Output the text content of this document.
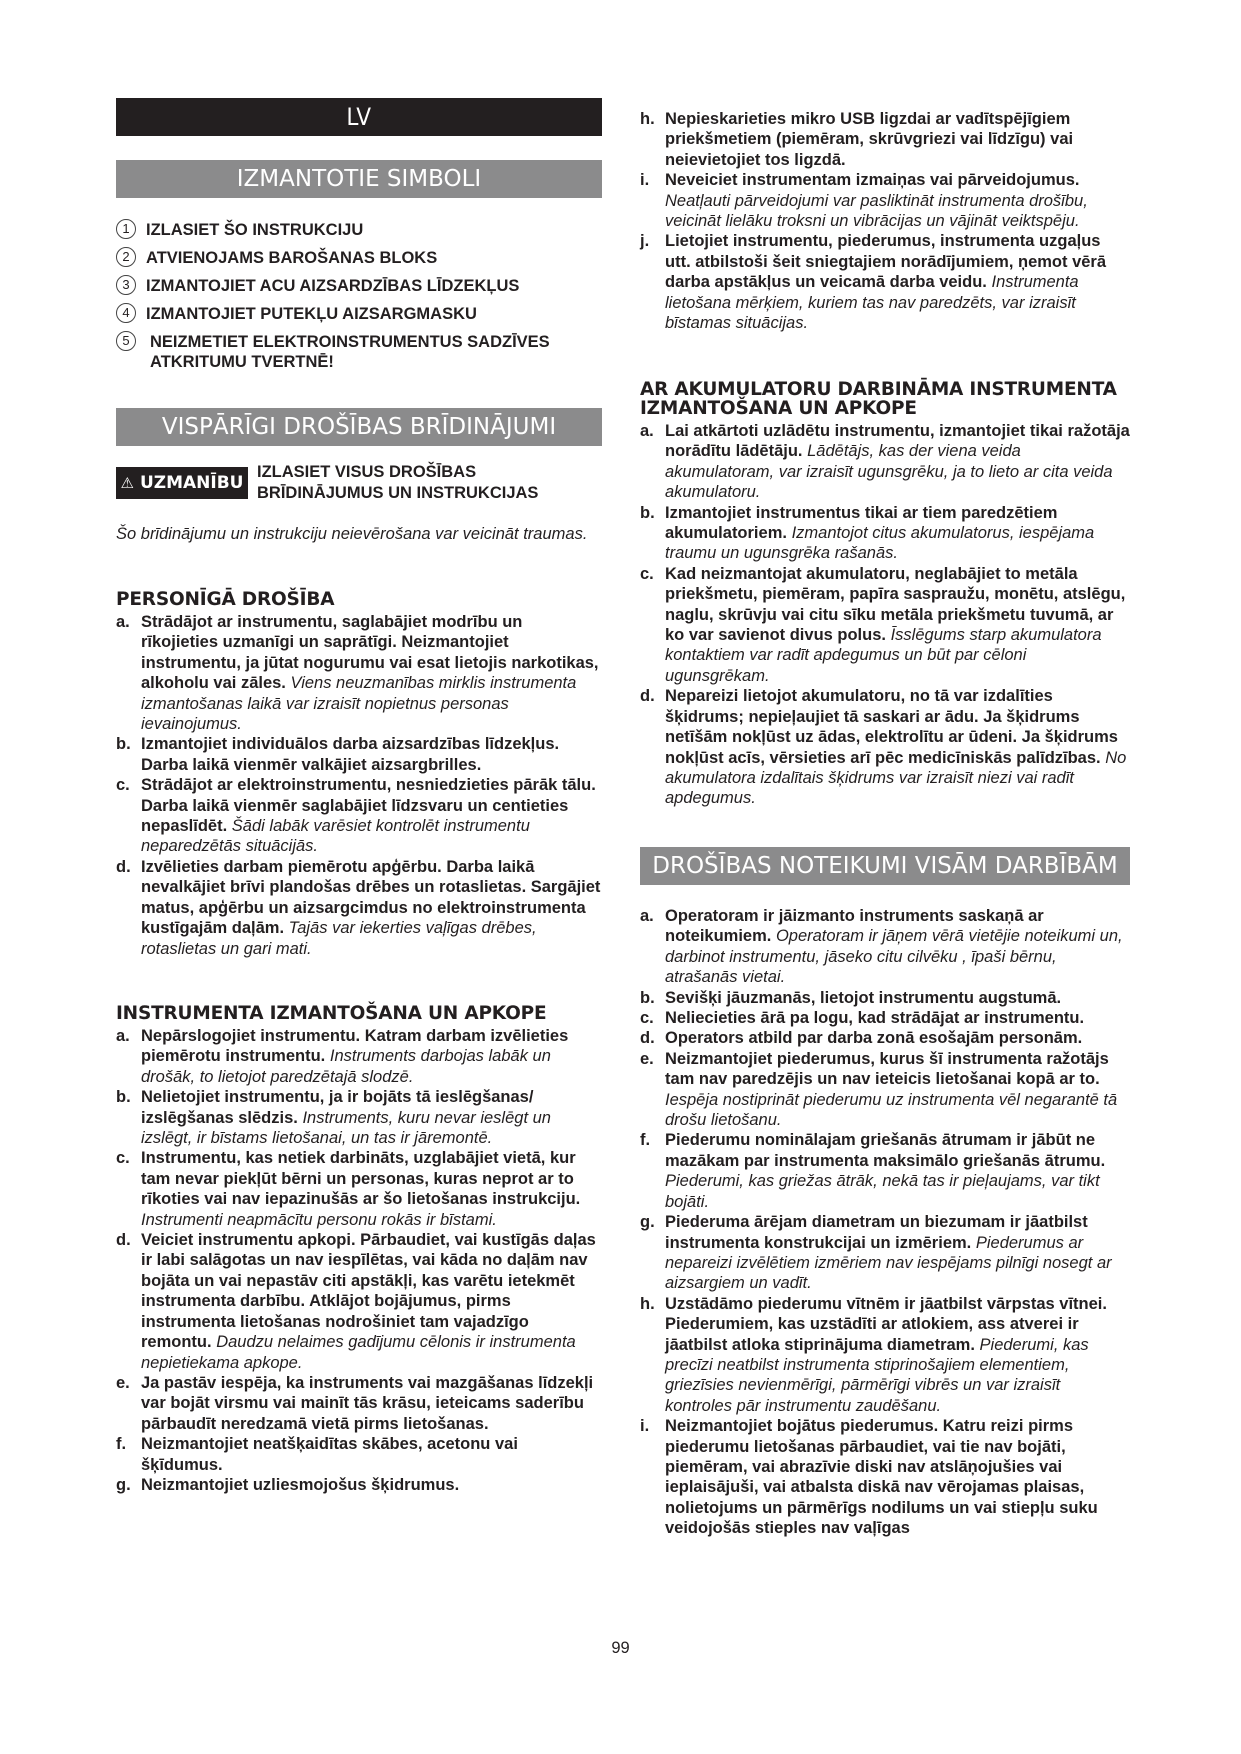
LV
IZMANTOTIE SIMBOLI
1 IZLASIET ŠO INSTRUKCIJU
2 ATVIENOJAMS BAROŠANAS BLOKS
3 IZMANTOJIET ACU AIZSARDZĪBAS LĪDZEKĻUS
4 IZMANTOJIET PUTEKĻU AIZSARGMASKU
5	NEIZMETIET ELEKTROINSTRUMENTUS SADZĪVES ATKRITUMU TVERTNĒ!
VISPĀRĪGI DROŠĪBAS BRĪDINĀJUMI
⚠ UZMANĪBU
IZLASIET VISUS DROŠĪBAS BRĪDINĀJUMUS UN INSTRUKCIJAS
Šo brīdinājumu un instrukciju neievērošana var veicināt traumas.
PERSONĪGĀ DROŠĪBA
a. Strādājot ar instrumentu, saglabājiet modrību un rīkojieties uzmanīgi un saprātīgi. Neizmantojiet instrumentu, ja jūtat nogurumu vai esat lietojis narkotikas, alkoholu vai zāles. Viens neuzmanības mirklis instrumenta izmantošanas laikā var izraisīt nopietnus personas ievainojumus.
b. Izmantojiet individuālos darba aizsardzības līdzekļus. Darba laikā vienmēr valkājiet aizsargbrilles.
c. Strādājot ar elektroinstrumentu, nesniedzieties pārāk tālu. Darba laikā vienmēr saglabājiet līdzsvaru un centieties nepaslīdēt. Šādi labāk varēsiet kontrolēt instrumentu neparedzētās situācijās.
d. Izvēlieties darbam piemērotu apģērbu. Darba laikā nevalkājiet brīvi plandošas drēbes un rotaslietas. Sargājiet matus, apģērbu un aizsargcimdus no elektroinstrumenta kustīgajām daļām. Tajās var iekerties vaļīgas drēbes, rotaslietas un gari mati.
INSTRUMENTA IZMANTOŠANA UN APKOPE
a. Nepārslogojiet instrumentu. Katram darbam izvēlieties piemērotu instrumentu. Instruments darbojas labāk un drošāk, to lietojot paredzētajā slodzē.
b. Nelietojiet instrumentu, ja ir bojāts tā ieslēgšanas/ izslēgšanas slēdzis. Instruments, kuru nevar ieslēgt un izslēgt, ir bīstams lietošanai, un tas ir jāremontē.
c. Instrumentu, kas netiek darbināts, uzglabājiet vietā, kur tam nevar piekļūt bērni un personas, kuras neprot ar to rīkoties vai nav iepazinušās ar šo lietošanas instrukciju. Instrumenti neapmācītu personu rokās ir bīstami.
d. Veiciet instrumentu apkopi. Pārbaudiet, vai kustīgās daļas ir labi salāgotas un nav iespīlētas, vai kāda no daļām nav bojāta un vai nepastāv citi apstākļi, kas varētu ietekmēt instrumenta darbību. Atklājot bojājumus, pirms instrumenta lietošanas nodrošiniet tam vajadzīgo remontu. Daudzu nelaimes gadījumu cēlonis ir instrumenta nepietiekama apkope.
e. Ja pastāv iespēja, ka instruments vai mazgāšanas līdzekļi var bojāt virsmu vai mainīt tās krāsu, ieteicams saderību pārbaudīt neredzamā vietā pirms lietošanas.
f. Neizmantojiet neatšķaidītas skābes, acetonu vai šķīdumus.
g. Neizmantojiet uzliesmojošus šķidrumus.
h. Nepieskarieties mikro USB ligzdai ar vadītspējīgiem priekšmetiem (piemēram, skrūvgriezi vai līdzīgu) vai neievietojiet tos ligzdā.
i. Neveiciet instrumentam izmaiņas vai pārveidojumus. Neatļauti pārveidojumi var pasliktināt instrumenta drošību, veicināt lielāku troksni un vibrācijas un vājināt veiktspēju.
j. Lietojiet instrumentu, piederumus, instrumenta uzgaļus utt. atbilstoši šeit sniegtajiem norādījumiem, ņemot vērā darba apstākļus un veicamā darba veidu. Instrumenta lietošana mērķiem, kuriem tas nav paredzēts, var izraisīt bīstamas situācijas.
AR AKUMULATORU DARBINĀMA INSTRUMENTA IZMANTOŠANA UN APKOPE
a. Lai atkārtoti uzlādētu instrumentu, izmantojiet tikai ražotāja norādītu lādētāju. Lādētājs, kas der viena veida akumulatoram, var izraisīt ugunsgrēku, ja to lieto ar cita veida akumulatoru.
b. Izmantojiet instrumentus tikai ar tiem paredzētiem akumulatoriem. Izmantojot citus akumulatorus, iespējama traumu un ugunsgrēka rašanās.
c. Kad neizmantojat akumulatoru, neglabājiet to metāla priekšmetu, piemēram, papīra saspraužu, monētu, atslēgu, naglu, skrūvju vai citu sīku metāla priekšmetu tuvumā, ar ko var savienot divus polus. Īsslēgums starp akumulatora kontaktiem var radīt apdegumus un būt par cēloni ugunsgrēkam.
d. Nepareizi lietojot akumulatoru, no tā var izdalīties šķidrums; nepieļaujiet tā saskari ar ādu. Ja šķidrums netīšām nokļūst uz ādas, elektrolītu ar ūdeni. Ja šķidrums nokļūst acīs, vērsieties arī pēc medicīniskās palīdzības. No akumulatora izdalītais šķidrums var izraisīt niezi vai radīt apdegumus.
DROŠĪBAS NOTEIKUMI VISĀM DARBĪBĀM
a. Operatoram ir jāizmanto instruments saskaņā ar noteikumiem. Operatoram ir jāņem vērā vietējie noteikumi un, darbinot instrumentu, jāseko citu cilvēku , īpaši bērnu, atrašanās vietai.
b. Sevišķi jāuzmanās, lietojot instrumentu augstumā.
c. Neliecieties ārā pa logu, kad strādājat ar instrumentu.
d. Operators atbild par darba zonā esošajām personām.
e. Neizmantojiet piederumus, kurus šī instrumenta ražotājs tam nav paredzējis un nav ieteicis lietošanai kopā ar to. Iespēja nostiprināt piederumu uz instrumenta vēl negarantē tā drošu lietošanu.
f. Piederumu nominālajam griešanās ātrumam ir jābūt ne mazākam par instrumenta maksimālo griešanās ātrumu. Piederumi, kas griežas ātrāk, nekā tas ir pieļaujams, var tikt bojāti.
g. Piederuma ārējam diametram un biezumam ir jāatbilst instrumenta konstrukcijai un izmēriem. Piederumus ar nepareizi izvēlētiem izmēriem nav iespējams pilnīgi nosegt ar aizsargiem un vadīt.
h. Uzstādāmo piederumu vītnēm ir jāatbilst vārpstas vītnei. Piederumiem, kas uzstādīti ar atlokiem, ass atverei ir jāatbilst atloka stiprinājuma diametram. Piederumi, kas precīzi neatbilst instrumenta stiprinošajiem elementiem, griezīsies nevienmērīgi, pārmērīgi vibrēs un var izraisīt kontroles pār instrumentu zaudēšanu.
i. Neizmantojiet bojātus piederumus. Katru reizi pirms piederumu lietošanas pārbaudiet, vai tie nav bojāti, piemēram, vai abrazīvie diski nav atslāņojušies vai ieplaisājuši, vai atbalsta diskā nav vērojamas plaisas, nolietojums un pārmērīgs nodilums un vai stiepļu suku veidojošās stieples nav vaļīgas
99
